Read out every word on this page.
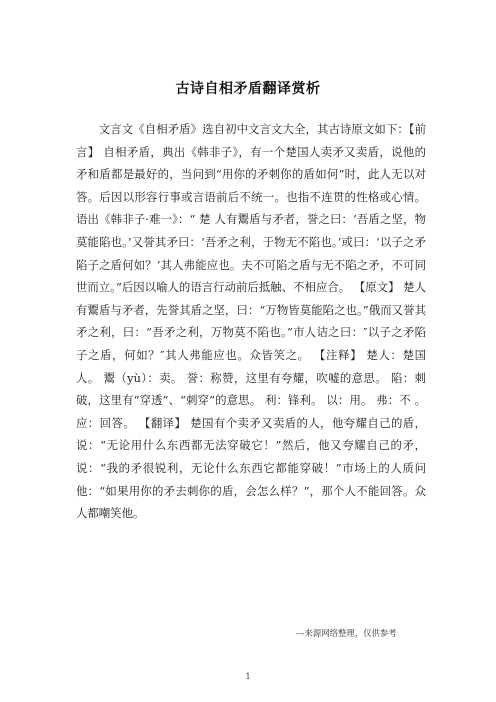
古诗自相矛盾翻译赏析

文言文《自相矛盾》选自初中文言文大全，其古诗原文如下：【前言】 自相矛盾，典出《韩非子》，有一个楚国人卖矛又卖盾，说他的矛和盾都是最好的，当问到“用你的矛刺你的盾如何”时，此人无以对答。后因以形容行事或言语前后不统一。也指不连贯的性格或心情。语出《韩非子·难一》：“ 楚 人有鬻盾与矛者，誉之曰：‘吾盾之坚，物莫能陷也。’又誉其矛曰：‘吾矛之利，于物无不陷也。’或曰：‘以子之矛陷子之盾何如？’其人弗能应也。夫不可陷之盾与无不陷之矛，不可同世而立。”后因以喻人的语言行动前后抵触、不相应合。 【原文】 楚人有鬻盾与矛者，先誉其盾之坚，曰：“万物皆莫能陷之也。”俄而又誉其矛之利，曰：“吾矛之利，万物莫不陷也。”市人诘之曰：″以子之矛陷子之盾，何如？″其人弗能应也。众皆笑之。 【注释】 楚人：楚国人。 鬻（yù）：卖。 誉：称赞，这里有夸耀，吹嘘的意思。 陷：刺破，这里有“穿透”、“刺穿”的意思。 利：锋利。 以：用。 弗：不 。 应：回答。 【翻译】 楚国有个卖矛又卖盾的人，他夸耀自己的盾，说：“无论用什么东西都无法穿破它！”然后，他又夸耀自己的矛，说：“我的矛很锐利，无论什么东西它都能穿破！”市场上的人质问他：“如果用你的矛去刺你的盾，会怎么样？”，那个人不能回答。众人都嘲笑他。

---来源网络整理，仅供参考
1
